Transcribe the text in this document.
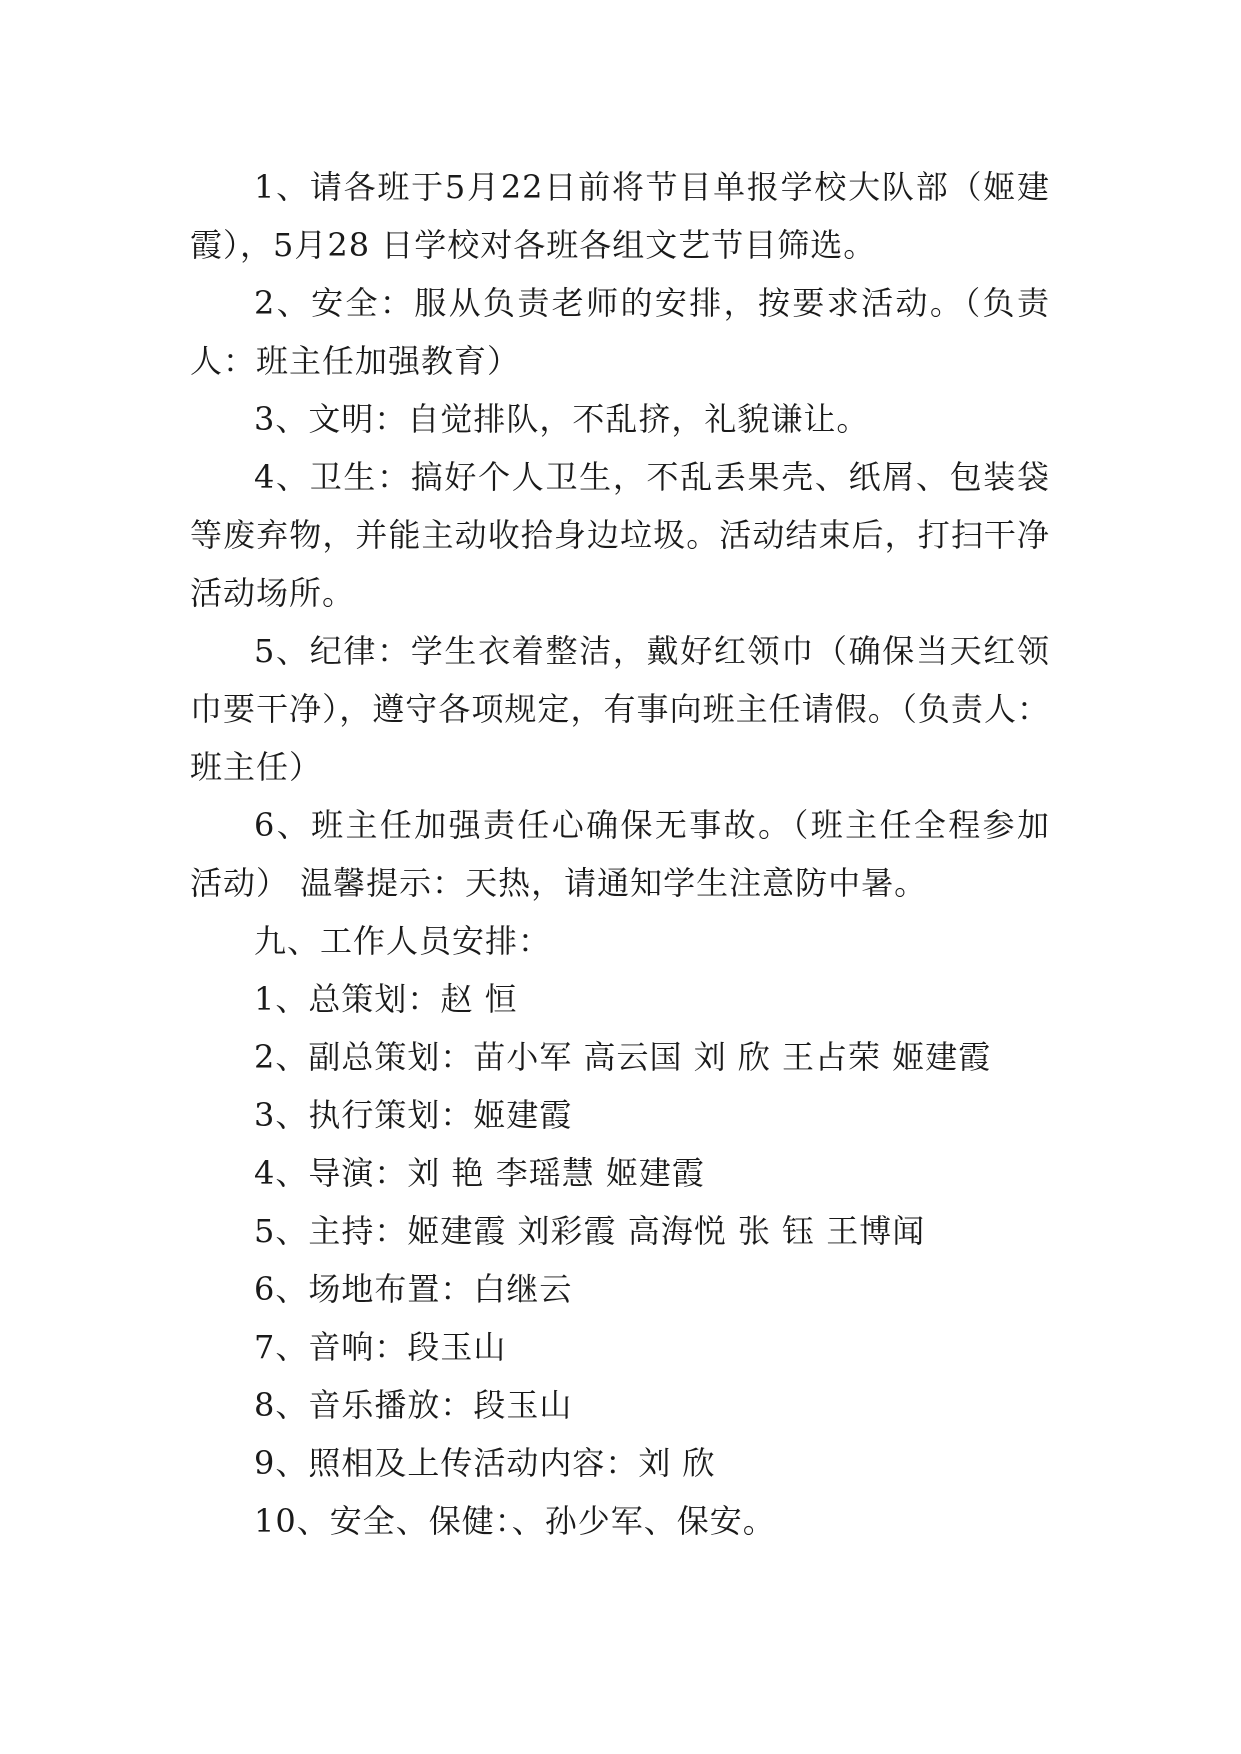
1、请各班于5月22日前将节目单报学校大队部（姬建霞），5月28 日学校对各班各组文艺节目筛选。

2、安全：服从负责老师的安排，按要求活动。（负责人：班主任加强教育）

3、文明：自觉排队，不乱挤，礼貌谦让。

4、卫生：搞好个人卫生，不乱丢果壳、纸屑、包装袋等废弃物，并能主动收拾身边垃圾。活动结束后，打扫干净活动场所。

5、纪律：学生衣着整洁，戴好红领巾（确保当天红领巾要干净），遵守各项规定，有事向班主任请假。（负责人：班主任）

6、班主任加强责任心确保无事故。（班主任全程参加活动） 温馨提示：天热，请通知学生注意防中暑。

九、工作人员安排：

1、总策划：赵 恒

2、副总策划：苗小军 高云国 刘 欣 王占荣 姬建霞

3、执行策划：姬建霞

4、导演：刘 艳 李瑶慧 姬建霞

5、主持：姬建霞 刘彩霞 高海悦 张 钰 王博闻

6、场地布置：白继云

7、音响：段玉山

8、音乐播放：段玉山

9、照相及上传活动内容：刘 欣

10、安全、保健：、孙少军、保安。
